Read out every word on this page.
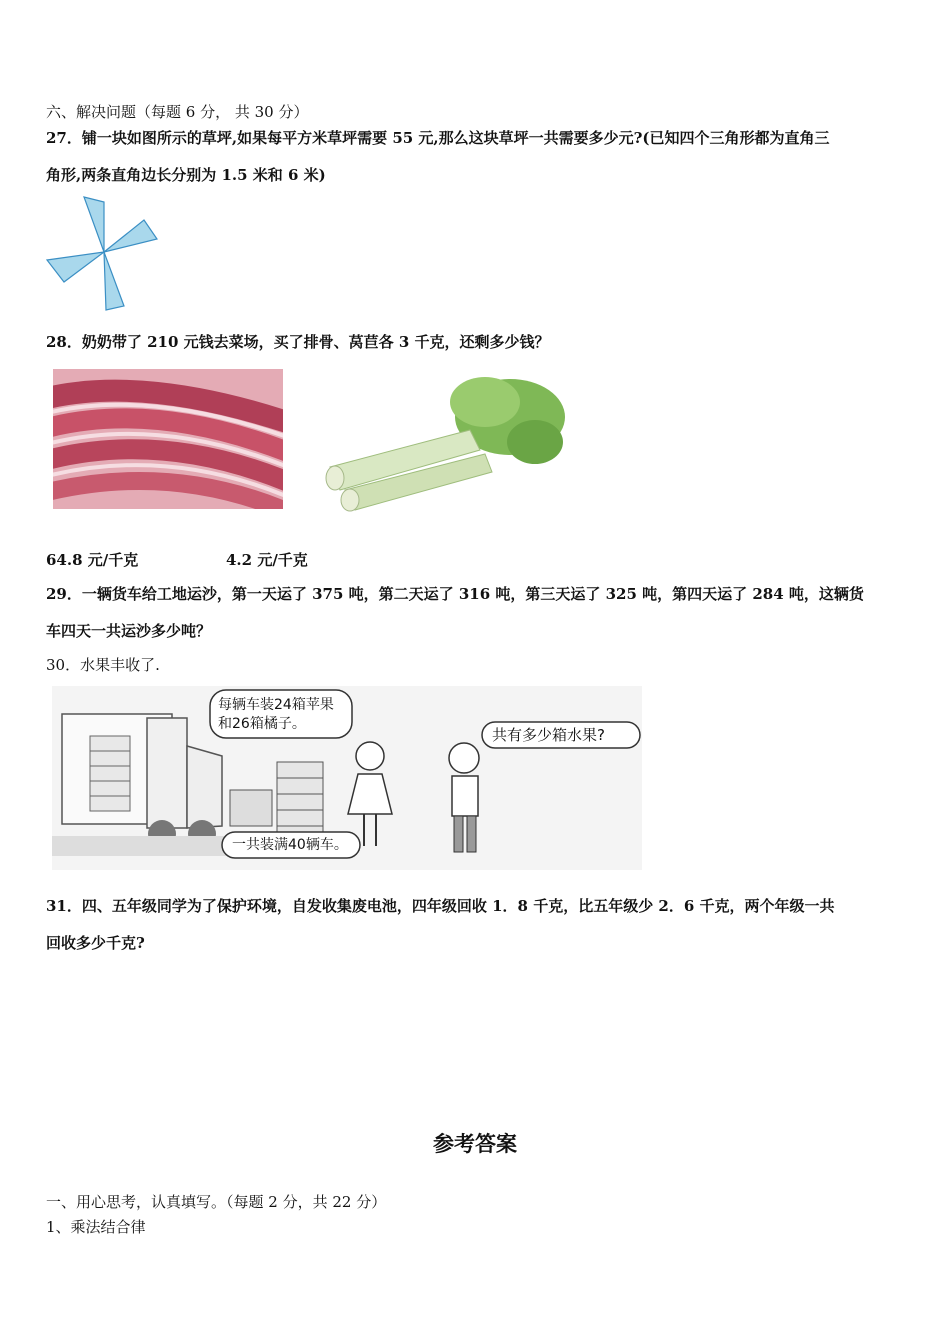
六、解决问题（每题 6 分， 共 30 分）
27．铺一块如图所示的草坪,如果每平方米草坪需要 55 元,那么这块草坪一共需要多少元?(已知四个三角形都为直角三
角形,两条直角边长分别为 1.5 米和 6 米)
28．奶奶带了 210 元钱去菜场，买了排骨、莴苣各 3 千克，还剩多少钱？
64.8 元/千克	4.2 元/千克
29．一辆货车给工地运沙，第一天运了 375 吨，第二天运了 316 吨，第三天运了 325 吨，第四天运了 284 吨，这辆货
车四天一共运沙多少吨？
30．水果丰收了.
每辆车装24箱苹果
和26箱橘子。
共有多少箱水果?
一共装满40辆车。
31．四、五年级同学为了保护环境，自发收集废电池，四年级回收 1．8 千克，比五年级少 2．6 千克，两个年级一共
回收多少千克?
参考答案
一、用心思考，认真填写。（每题 2 分，共 22 分）
1、乘法结合律
